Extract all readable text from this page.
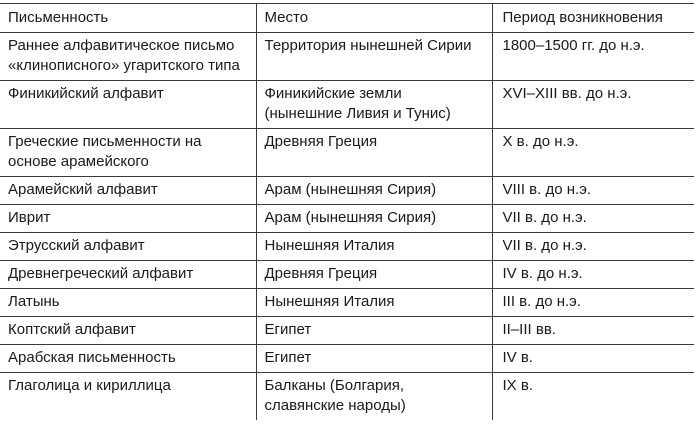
Письменность	Место	Период возникновения
Раннее алфавитическое письмо «клинописного» угаритского типа	Территория нынешней Сирии	1800–1500 гг. до н.э.
Финикийский алфавит	Финикийские земли (нынешние Ливия и Тунис)	XVI–XIII вв. до н.э.
Греческие письменности на основе арамейского	Древняя Греция	X в. до н.э.
Арамейский алфавит	Арам (нынешняя Сирия)	VIII в. до н.э.
Иврит	Арам (нынешняя Сирия)	VII в. до н.э.
Этрусский алфавит	Нынешняя Италия	VII в. до н.э.
Древнегреческий алфавит	Древняя Греция	IV в. до н.э.
Латынь	Нынешняя Италия	III в. до н.э.
Коптский алфавит	Египет	II–III вв.
Арабская письменность	Египет	IV в.
Глаголица и кириллица	Балканы (Болгария, славянские народы)	IX в.
